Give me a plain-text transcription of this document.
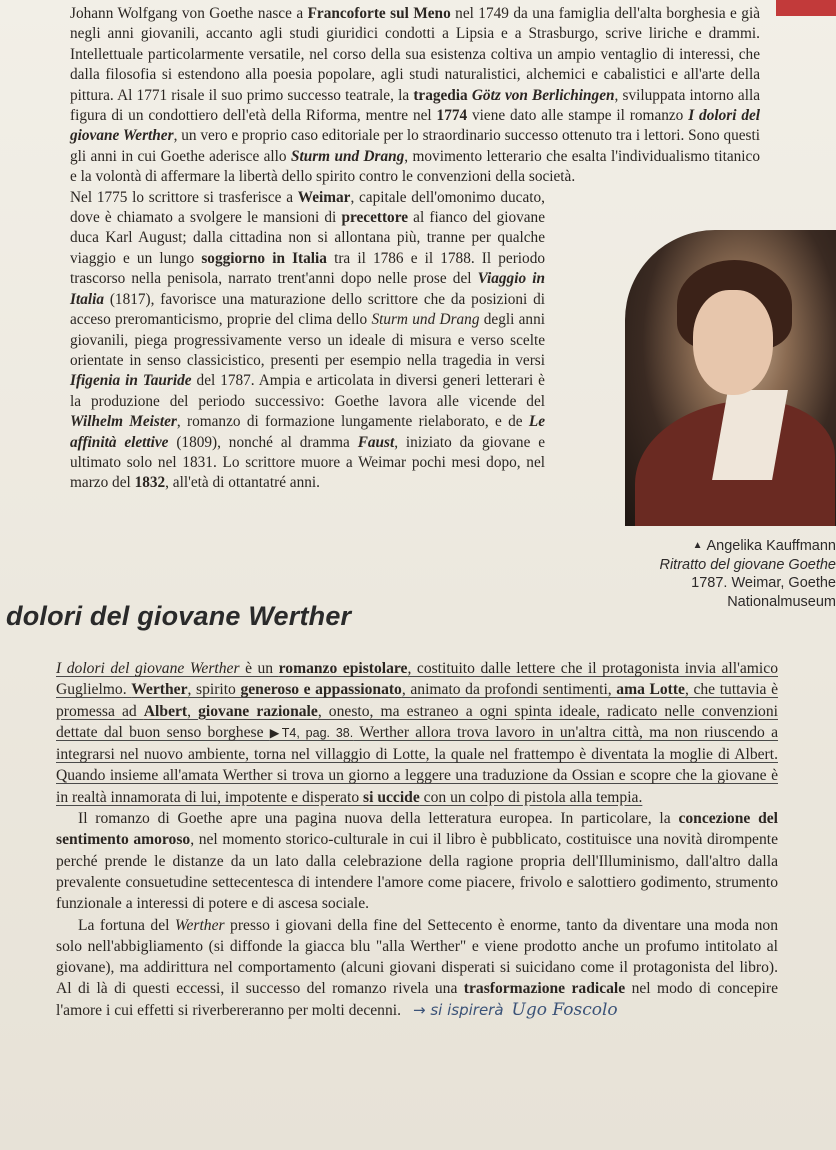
Johann Wolfgang von Goethe nasce a Francoforte sul Meno nel 1749 da una famiglia dell'alta borghesia e già negli anni giovanili, accanto agli studi giuridici condotti a Lipsia e a Strasburgo, scrive liriche e drammi. Intellettuale particolarmente versatile, nel corso della sua esistenza coltiva un ampio ventaglio di interessi, che dalla filosofia si estendono alla poesia popolare, agli studi naturalistici, alchemici e cabalistici e all'arte della pittura. Al 1771 risale il suo primo successo teatrale, la tragedia Götz von Berlichingen, sviluppata intorno alla figura di un condottiero dell'età della Riforma, mentre nel 1774 viene dato alle stampe il romanzo I dolori del giovane Werther, un vero e proprio caso editoriale per lo straordinario successo ottenuto tra i lettori. Sono questi gli anni in cui Goethe aderisce allo Sturm und Drang, movimento letterario che esalta l'individualismo titanico e la volontà di affermare la libertà dello spirito contro le convenzioni della società.

Nel 1775 lo scrittore si trasferisce a Weimar, capitale dell'omonimo ducato, dove è chiamato a svolgere le mansioni di precettore al fianco del giovane duca Karl August; dalla cittadina non si allontana più, tranne per qualche viaggio e un lungo soggiorno in Italia tra il 1786 e il 1788. Il periodo trascorso nella penisola, narrato trent'anni dopo nelle prose del Viaggio in Italia (1817), favorisce una maturazione dello scrittore che da posizioni di acceso preromanticismo, proprie del clima dello Sturm und Drang degli anni giovanili, piega progressivamente verso un ideale di misura e verso scelte orientate in senso classicistico, presenti per esempio nella tragedia in versi Ifigenia in Tauride del 1787. Ampia e articolata in diversi generi letterari è la produzione del periodo successivo: Goethe lavora alle vicende del Wilhelm Meister, romanzo di formazione lungamente rielaborato, e de Le affinità elettive (1809), nonché al dramma Faust, iniziato da giovane e ultimato solo nel 1831. Lo scrittore muore a Weimar pochi mesi dopo, nel marzo del 1832, all'età di ottantatré anni.

▲ Angelika Kauffmann
Ritratto del giovane Goethe
1787. Weimar, Goethe
Nationalmuseum
dolori del giovane Werther

I dolori del giovane Werther è un romanzo epistolare, costituito dalle lettere che il protagonista invia all'amico Guglielmo. Werther, spirito generoso e appassionato, animato da profondi sentimenti, ama Lotte, che tuttavia è promessa ad Albert, giovane razionale, onesto, ma estraneo a ogni spinta ideale, radicato nelle convenzioni dettate dal buon senso borghese ▶T4, pag. 38. Werther allora trova lavoro in un'altra città, ma non riuscendo a integrarsi nel nuovo ambiente, torna nel villaggio di Lotte, la quale nel frattempo è diventata la moglie di Albert. Quando insieme all'amata Werther si trova un giorno a leggere una traduzione da Ossian e scopre che la giovane è in realtà innamorata di lui, impotente e disperato si uccide con un colpo di pistola alla tempia.

Il romanzo di Goethe apre una pagina nuova della letteratura europea. In particolare, la concezione del sentimento amoroso, nel momento storico-culturale in cui il libro è pubblicato, costituisce una novità dirompente perché prende le distanze da un lato dalla celebrazione della ragione propria dell'Illuminismo, dall'altro dalla prevalente consuetudine settecentesca di intendere l'amore come piacere, frivolo e salottiero godimento, strumento funzionale a interessi di potere e di ascesa sociale.

La fortuna del Werther presso i giovani della fine del Settecento è enorme, tanto da diventare una moda non solo nell'abbigliamento (si diffonde la giacca blu "alla Werther" e viene prodotto anche un profumo intitolato al giovane), ma addirittura nel comportamento (alcuni giovani disperati si suicidano come il protagonista del libro). Al di là di questi eccessi, il successo del romanzo rivela una trasformazione radicale nel modo di concepire l'amore i cui effetti si riverbereranno per molti decenni. → si ispirerà Ugo Foscolo
